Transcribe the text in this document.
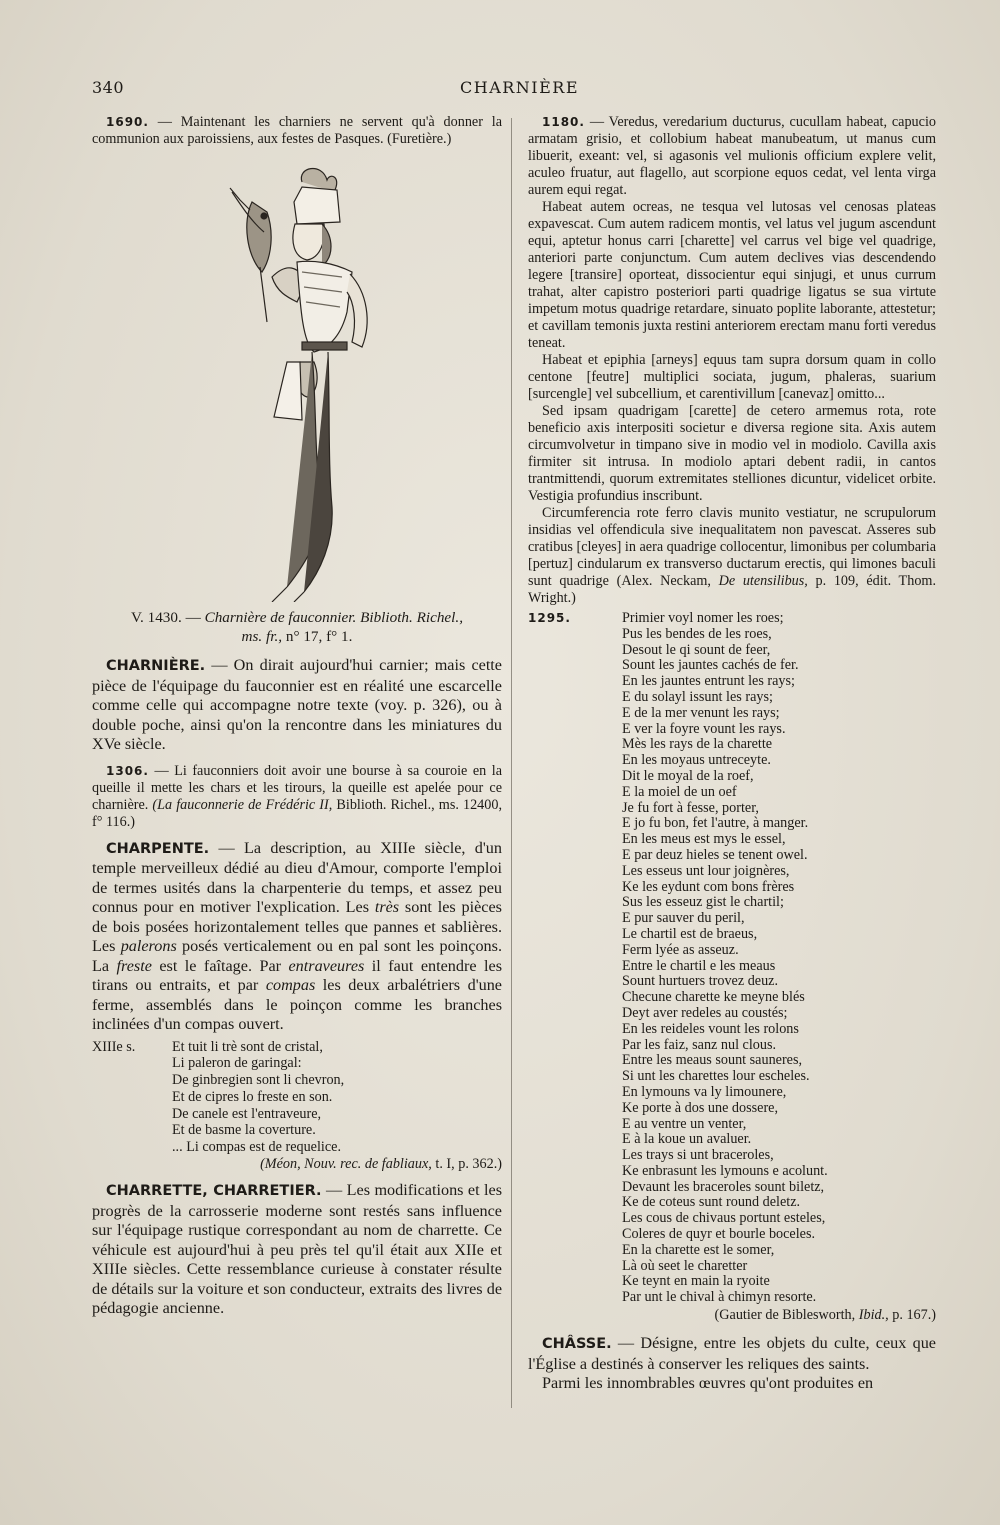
340	CHARNIÈRE

1690. — Maintenant les charniers ne servent qu'à donner la communion aux paroissiens, aux festes de Pasques. (Furetière.)

V. 1430. — Charnière de fauconnier. Biblioth. Richel.,
ms. fr., n° 17, f° 1.

CHARNIÈRE. — On dirait aujourd'hui carnier; mais cette pièce de l'équipage du fauconnier est en réalité une escarcelle comme celle qui accompagne notre texte (voy. p. 326), ou à double poche, ainsi qu'on la rencontre dans les miniatures du XVe siècle.

1306. — Li fauconniers doit avoir une bourse à sa couroie en la queille il mette les chars et les tirours, la queille est apelée pour ce charnière. (La fauconnerie de Frédéric II, Biblioth. Richel., ms. 12400, f° 116.)

CHARPENTE. — La description, au XIIIe siècle, d'un temple merveilleux dédié au dieu d'Amour, comporte l'emploi de termes usités dans la charpenterie du temps, et assez peu connus pour en motiver l'explication. Les très sont les pièces de bois posées horizontalement telles que pannes et sablières. Les palerons posés verticalement ou en pal sont les poinçons. La freste est le faîtage. Par entraveures il faut entendre les tirans ou entraits, et par compas les deux arbalétriers d'une ferme, assemblés dans le poinçon comme les branches inclinées d'un compas ouvert.

XIIIe s.	Et tuit li trè sont de cristal,
Li paleron de garingal:
De ginbregien sont li chevron,
Et de cipres lo freste en son.
De canele est l'entraveure,
Et de basme la coverture.
... Li compas est de requelice.
(Méon, Nouv. rec. de fabliaux, t. I, p. 362.)

CHARRETTE, CHARRETIER. — Les modifications et les progrès de la carrosserie moderne sont restés sans influence sur l'équipage rustique correspondant au nom de charrette. Ce véhicule est aujourd'hui à peu près tel qu'il était aux XIIe et XIIIe siècles. Cette ressemblance curieuse à constater résulte de détails sur la voiture et son conducteur, extraits des livres de pédagogie ancienne.

1180. — Veredus, veredarium ducturus, cucullam habeat, capucio armatam grisio, et collobium habeat manubeatum, ut manus cum libuerit, exeant: vel, si agasonis vel mulionis officium explere velit, aculeo fruatur, aut flagello, aut scorpione equos cedat, vel lenta virga aurem equi regat.

Habeat autem ocreas, ne tesqua vel lutosas vel cenosas plateas expavescat. Cum autem radicem montis, vel latus vel jugum ascendunt equi, aptetur honus carri [charette] vel carrus vel bige vel quadrige, anteriori parte conjunctum. Cum autem declives vias descendendo legere [transire] oporteat, dissocientur equi sinjugi, et unus currum trahat, alter capistro posteriori parti quadrige ligatus se sua virtute impetum motus quadrige retardare, sinuato poplite laborante, attestetur; et cavillam temonis juxta restini anteriorem erectam manu forti veredus teneat.

Habeat et epiphia [arneys] equus tam supra dorsum quam in collo centone [feutre] multiplici sociata, jugum, phaleras, suarium [surcengle] vel subcellium, et carentivillum [canevaz] omitto...

Sed ipsam quadrigam [carette] de cetero armemus rota, rote beneficio axis interpositi societur e diversa regione sita. Axis autem circumvolvetur in timpano sive in modio vel in modiolo. Cavilla axis firmiter sit intrusa. In modiolo aptari debent radii, in cantos trantmittendi, quorum extremitates stelliones dicuntur, videlicet orbite. Vestigia profundius inscribunt.

Circumferencia rote ferro clavis munito vestiatur, ne scrupulorum insidias vel offendicula sive inequalitatem non pavescat. Asseres sub cratibus [cleyes] in aera quadrige collocentur, limonibus per columbaria [pertuz] cindularum ex transverso ductarum erectis, qui limones baculi sunt quadrige (Alex. Neckam, De utensilibus, p. 109, édit. Thom. Wright.)

1295.	Primier voyl nomer les roes;
Pus les bendes de les roes,
Desout le qi sount de feer,
Sount les jauntes cachés de fer.
En les jauntes entrunt les rays;
E du solayl issunt les rays;
E de la mer venunt les rays;
E ver la foyre vount les rays.
Mès les rays de la charette
En les moyaus untreceyte.
Dit le moyal de la roef,
E la moiel de un oef
Je fu fort à fesse, porter,
E jo fu bon, fet l'autre, à manger.
En les meus est mys le essel,
E par deuz hieles se tenent owel.
Les esseus unt lour joignères,
Ke les eydunt com bons frères
Sus les esseuz gist le chartil;
E pur sauver du peril,
Le chartil est de braeus,
Ferm lyée as asseuz.
Entre le chartil e les meaus
Sount hurtuers trovez deuz.
Checune charette ke meyne blés
Deyt aver redeles au coustés;
En les reideles vount les rolons
Par les faiz, sanz nul clous.
Entre les meaus sount sauneres,
Si unt les charettes lour escheles.
En lymouns va ly limounere,
Ke porte à dos une dossere,
E au ventre un venter,
E à la koue un avaluer.
Les trays si unt braceroles,
Ke enbrasunt les lymouns e acolunt.
Devaunt les braceroles sount biletz,
Ke de coteus sunt round deletz.
Les cous de chivaus portunt esteles,
Coleres de quyr et bourle boceles.
En la charette est le somer,
Là où seet le charetter
Ke teynt en main la ryoite
Par unt le chival à chimyn resorte.
(Gautier de Biblesworth, Ibid., p. 167.)

CHÂSSE. — Désigne, entre les objets du culte, ceux que l'Église a destinés à conserver les reliques des saints.

Parmi les innombrables œuvres qu'ont produites en
